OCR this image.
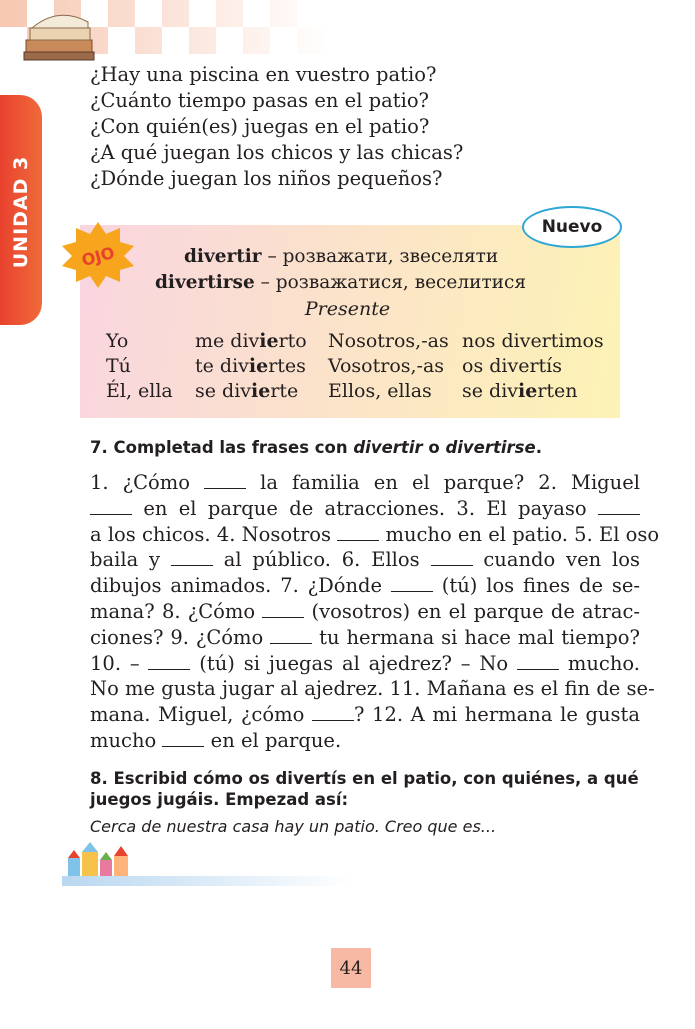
UNIDAD 3
¿Hay una piscina en vuestro patio?
¿Cuánto tiempo pasas en el patio?
¿Con quién(es) juegas en el patio?
¿A qué juegan los chicos y las chicas?
¿Dónde juegan los niños pequeños?
OJO
Nuevo
divertir – розважати, звеселяти
divertirse – розважатися, веселитися
Presente
Yo	me divierto Nosotros,-as nos divertimos
Tú	te diviertes Vosotros,-as os divertís
Él, ella se divierte Ellos, ellas se divierten
7. Completad las frases con divertir o divertirse.
1. ¿Cómo  la familia en el parque? 2. Miguel
en el parque de atracciones. 3. El payaso
a los chicos. 4. Nosotros  mucho en el patio. 5. El oso
baila y  al público. 6. Ellos  cuando ven los
dibujos animados. 7. ¿Dónde  (tú) los fines de se-
mana? 8. ¿Cómo  (vosotros) en el parque de atrac-
ciones? 9. ¿Cómo  tu hermana si hace mal tiempo?
10. –  (tú) si juegas al ajedrez? – No  mucho.
No me gusta jugar al ajedrez. 11. Mañana es el fin de se-
mana. Miguel, ¿cómo ? 12. A mi hermana le gusta
mucho  en el parque.
8. Escribid cómo os divertís en el patio, con quiénes, a qué juegos jugáis. Empezad así:
Cerca de nuestra casa hay un patio. Creo que es...
44
